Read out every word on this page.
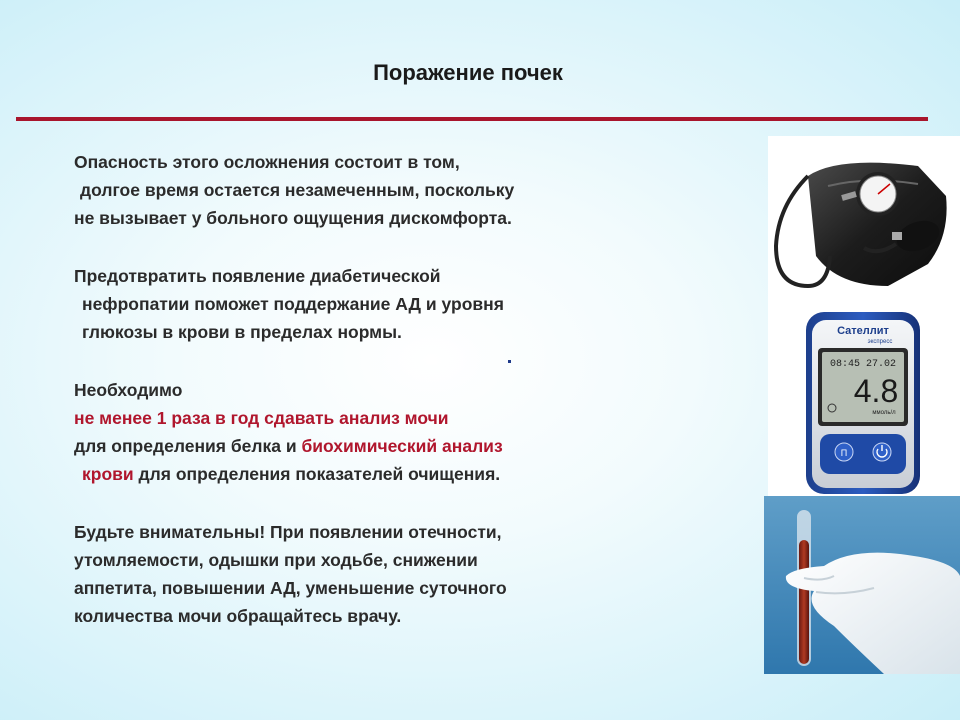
Поражение почек

Опасность этого осложнения состоит в том,
долгое время остается незамеченным, поскольку
не вызывает у больного ощущения дискомфорта.

Предотвратить появление диабетической
нефропатии поможет поддержание АД и уровня
глюкозы в крови в пределах нормы.

Необходимо
не менее 1 раза в год сдавать анализ мочи
для определения белка и биохимический анализ
крови для определения показателей очищения.

Будьте внимательны! При появлении отечности,
утомляемости, одышки при ходьбе, снижении
аппетита, повышении АД, уменьшение суточного
количества мочи обращайтесь врачу.

Сателлит
экспресс
08:45 27.02
4.8
ммоль/л
П
